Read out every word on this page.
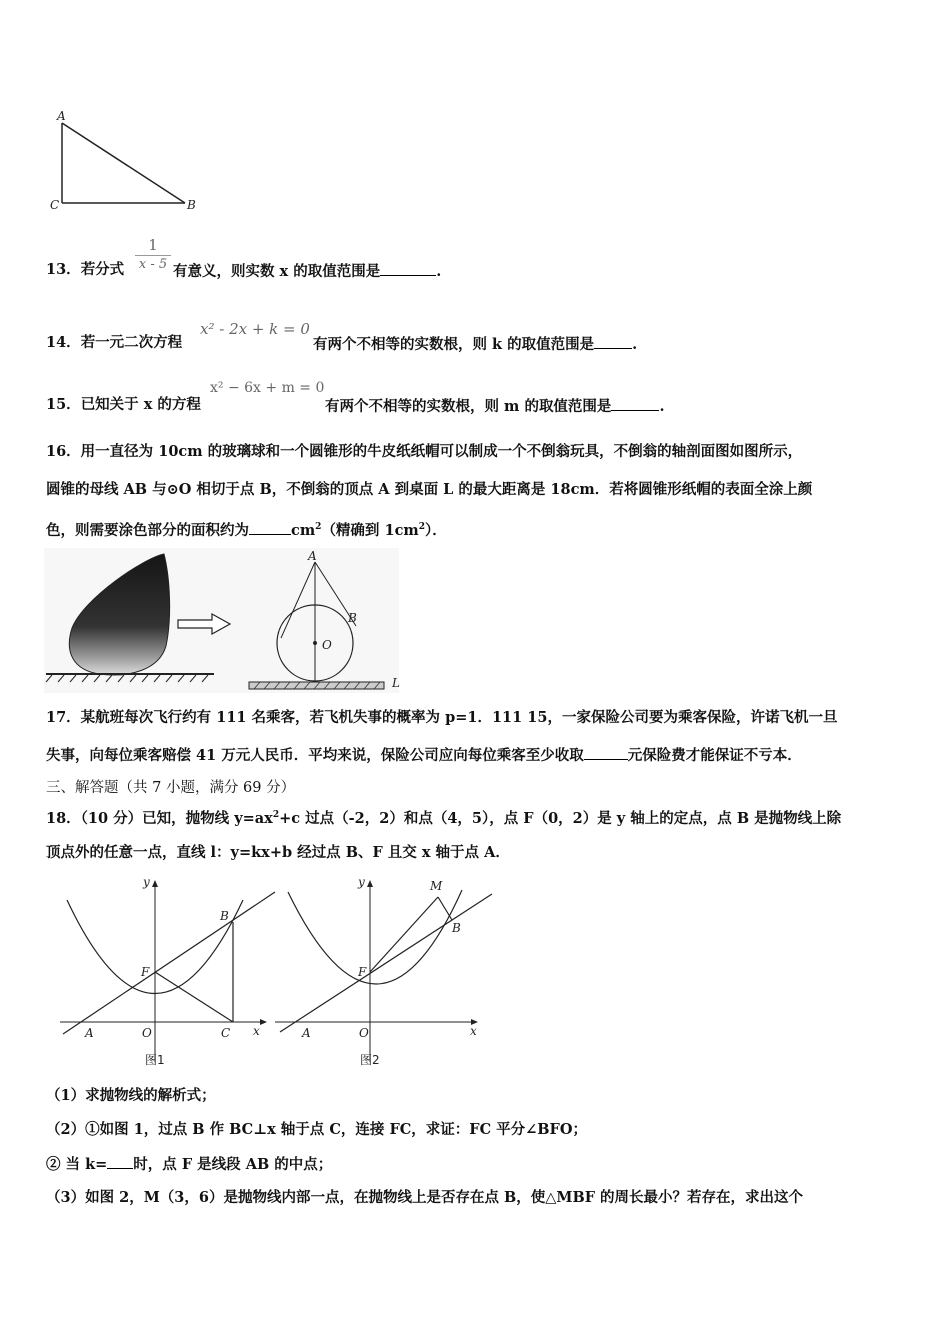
A
C	B
13．若分式
1
x - 5 有意义，则实数 x 的取值范围是	.
14．若一元二次方程
x² - 2x + k = 0
有两个不相等的实数根，则 k 的取值范围是	.
15．已知关于 x 的方程
x² − 6x + m = 0
有两个不相等的实数根，则 m 的取值范围是	.
16．用一直径为 10cm 的玻璃球和一个圆锥形的牛皮纸纸帽可以制成一个不倒翁玩具，不倒翁的轴剖面图如图所示，
圆锥的母线 AB 与⊙O 相切于点 B，不倒翁的顶点 A 到桌面 L 的最大距离是 18cm．若将圆锥形纸帽的表面全涂上颜
色，则需要涂色部分的面积约为	$cm^2$（精确到 $1cm^2$）．
A
B
O
L
17．某航班每次飞行约有 111 名乘客，若飞机失事的概率为 p=1．111 15，一家保险公司要为乘客保险，许诺飞机一旦
失事，向每位乘客赔偿 41 万元人民币．平均来说，保险公司应向每位乘客至少收取	元保险费才能保证不亏本．
三、解答题（共 7 小题，满分 69 分）
18．（10 分）已知，抛物线 $y=ax^2+c$ 过点（-2，2）和点（4，5），点 F（0，2）是 y 轴上的定点，点 B 是抛物线上除
顶点外的任意一点，直线 l：y=kx+b 经过点 B、F 且交 x 轴于点 A．
y
x
B
F
A	O	C
图1
y
x
M
B
F
A	O
图2
（1）求抛物线的解析式；
（2）①如图 1，过点 B 作 BC⊥x 轴于点 C，连接 FC，求证：FC 平分∠BFO；
② 当 k= 时，点 F 是线段 AB 的中点；
（3）如图 2，M（3，6）是抛物线内部一点，在抛物线上是否存在点 B，使△MBF 的周长最小？若存在，求出这个
